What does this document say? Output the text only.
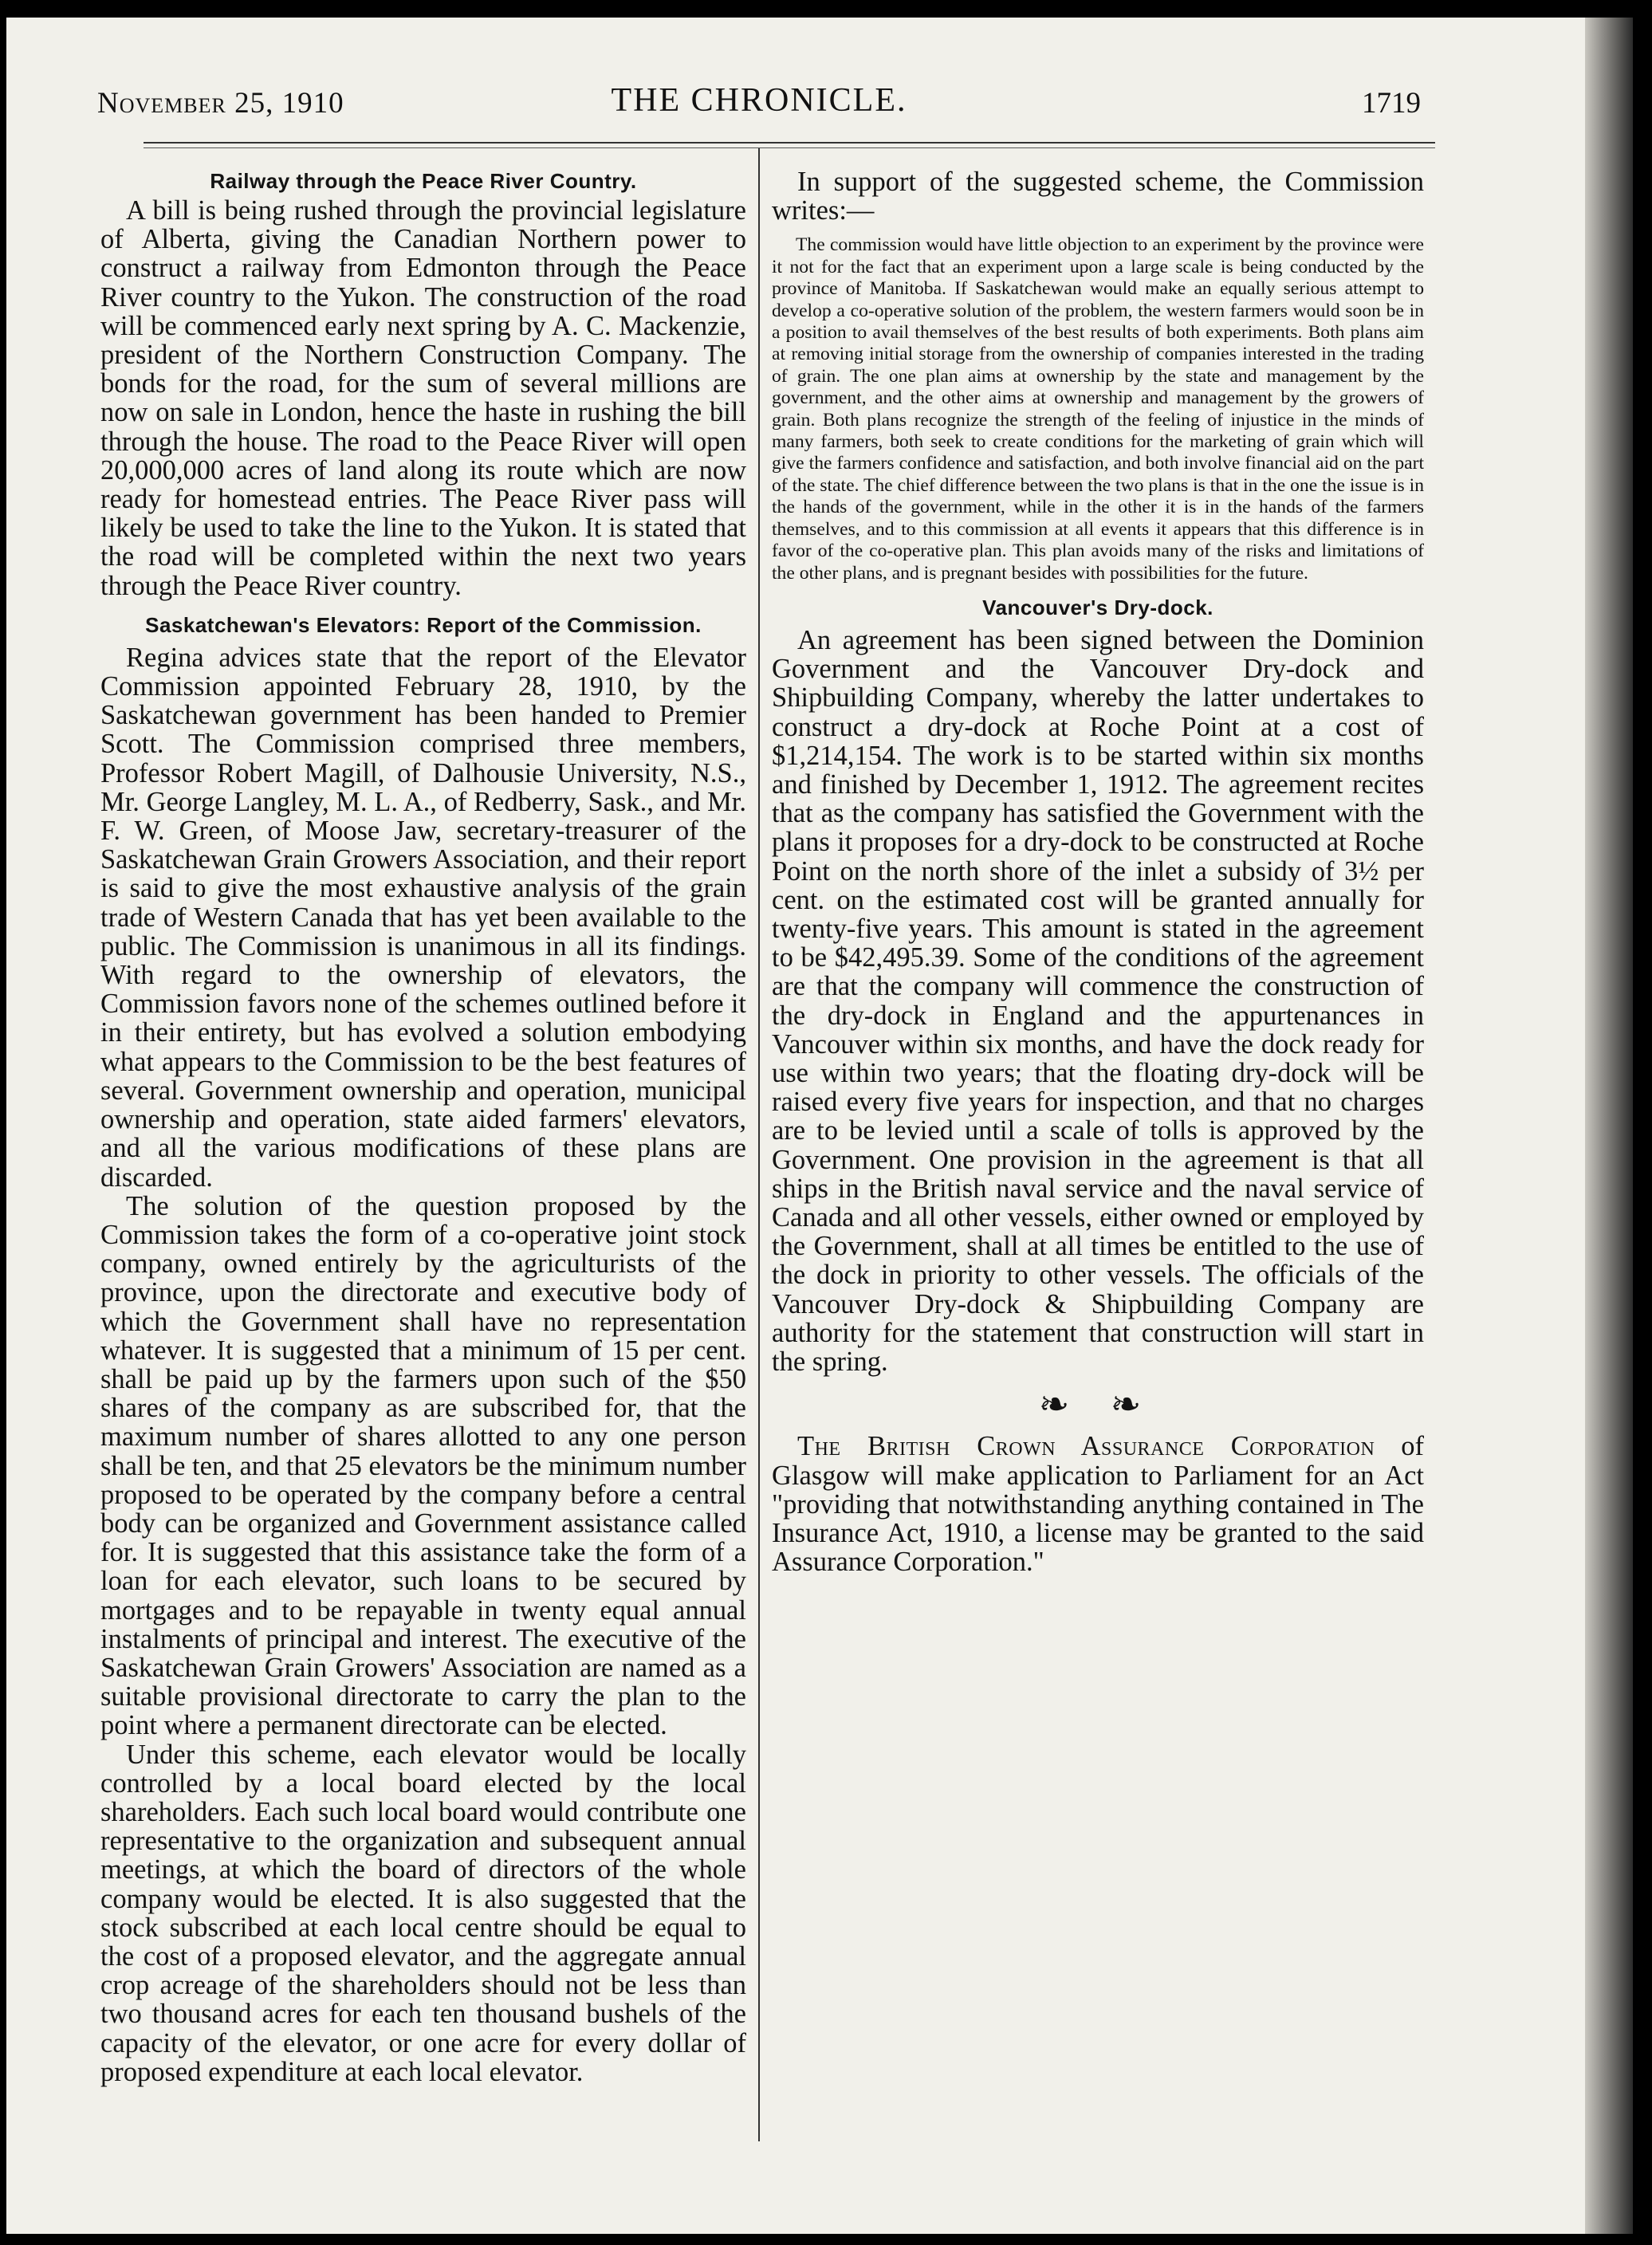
November 25, 1910	THE CHRONICLE.	1719
Railway through the Peace River Country.

A bill is being rushed through the provincial legislature of Alberta, giving the Canadian Northern power to construct a railway from Edmonton through the Peace River country to the Yukon. The construction of the road will be commenced early next spring by A. C. Mackenzie, president of the Northern Construction Company. The bonds for the road, for the sum of several millions are now on sale in London, hence the haste in rushing the bill through the house. The road to the Peace River will open 20,000,000 acres of land along its route which are now ready for homestead entries. The Peace River pass will likely be used to take the line to the Yukon. It is stated that the road will be completed within the next two years through the Peace River country.

Saskatchewan's Elevators: Report of the Commission.

Regina advices state that the report of the Elevator Commission appointed February 28, 1910, by the Saskatchewan government has been handed to Premier Scott. The Commission comprised three members, Professor Robert Magill, of Dalhousie University, N.S., Mr. George Langley, M. L. A., of Redberry, Sask., and Mr. F. W. Green, of Moose Jaw, secretary-treasurer of the Saskatchewan Grain Growers Association, and their report is said to give the most exhaustive analysis of the grain trade of Western Canada that has yet been available to the public. The Commission is unanimous in all its findings. With regard to the ownership of elevators, the Commission favors none of the schemes outlined before it in their entirety, but has evolved a solution embodying what appears to the Commission to be the best features of several. Government ownership and operation, municipal ownership and operation, state aided farmers' elevators, and all the various modifications of these plans are discarded.

The solution of the question proposed by the Commission takes the form of a co-operative joint stock company, owned entirely by the agriculturists of the province, upon the directorate and executive body of which the Government shall have no representation whatever. It is suggested that a minimum of 15 per cent. shall be paid up by the farmers upon such of the $50 shares of the company as are subscribed for, that the maximum number of shares allotted to any one person shall be ten, and that 25 elevators be the minimum number proposed to be operated by the company before a central body can be organized and Government assistance called for. It is suggested that this assistance take the form of a loan for each elevator, such loans to be secured by mortgages and to be repayable in twenty equal annual instalments of principal and interest. The executive of the Saskatchewan Grain Growers' Association are named as a suitable provisional directorate to carry the plan to the point where a permanent directorate can be elected.

Under this scheme, each elevator would be locally controlled by a local board elected by the local shareholders. Each such local board would contribute one representative to the organization and subsequent annual meetings, at which the board of directors of the whole company would be elected. It is also suggested that the stock subscribed at each local centre should be equal to the cost of a proposed elevator, and the aggregate annual crop acreage of the shareholders should not be less than two thousand acres for each ten thousand bushels of the capacity of the elevator, or one acre for every dollar of proposed expenditure at each local elevator.

In support of the suggested scheme, the Commission writes:—

The commission would have little objection to an experiment by the province were it not for the fact that an experiment upon a large scale is being conducted by the province of Manitoba. If Saskatchewan would make an equally serious attempt to develop a co-operative solution of the problem, the western farmers would soon be in a position to avail themselves of the best results of both experiments. Both plans aim at removing initial storage from the ownership of companies interested in the trading of grain. The one plan aims at ownership by the state and management by the government, and the other aims at ownership and management by the growers of grain. Both plans recognize the strength of the feeling of injustice in the minds of many farmers, both seek to create conditions for the marketing of grain which will give the farmers confidence and satisfaction, and both involve financial aid on the part of the state. The chief difference between the two plans is that in the one the issue is in the hands of the government, while in the other it is in the hands of the farmers themselves, and to this commission at all events it appears that this difference is in favor of the co-operative plan. This plan avoids many of the risks and limitations of the other plans, and is pregnant besides with possibilities for the future.

Vancouver's Dry-dock.

An agreement has been signed between the Dominion Government and the Vancouver Dry-dock and Shipbuilding Company, whereby the latter undertakes to construct a dry-dock at Roche Point at a cost of $1,214,154. The work is to be started within six months and finished by December 1, 1912. The agreement recites that as the company has satisfied the Government with the plans it proposes for a dry-dock to be constructed at Roche Point on the north shore of the inlet a subsidy of 3½ per cent. on the estimated cost will be granted annually for twenty-five years. This amount is stated in the agreement to be $42,495.39. Some of the conditions of the agreement are that the company will commence the construction of the dry-dock in England and the appurtenances in Vancouver within six months, and have the dock ready for use within two years; that the floating dry-dock will be raised every five years for inspection, and that no charges are to be levied until a scale of tolls is approved by the Government. One provision in the agreement is that all ships in the British naval service and the naval service of Canada and all other vessels, either owned or employed by the Government, shall at all times be entitled to the use of the dock in priority to other vessels. The officials of the Vancouver Dry-dock & Shipbuilding Company are authority for the statement that construction will start in the spring.

❧ ❧

The British Crown Assurance Corporation of Glasgow will make application to Parliament for an Act "providing that notwithstanding anything contained in The Insurance Act, 1910, a license may be granted to the said Assurance Corporation."
